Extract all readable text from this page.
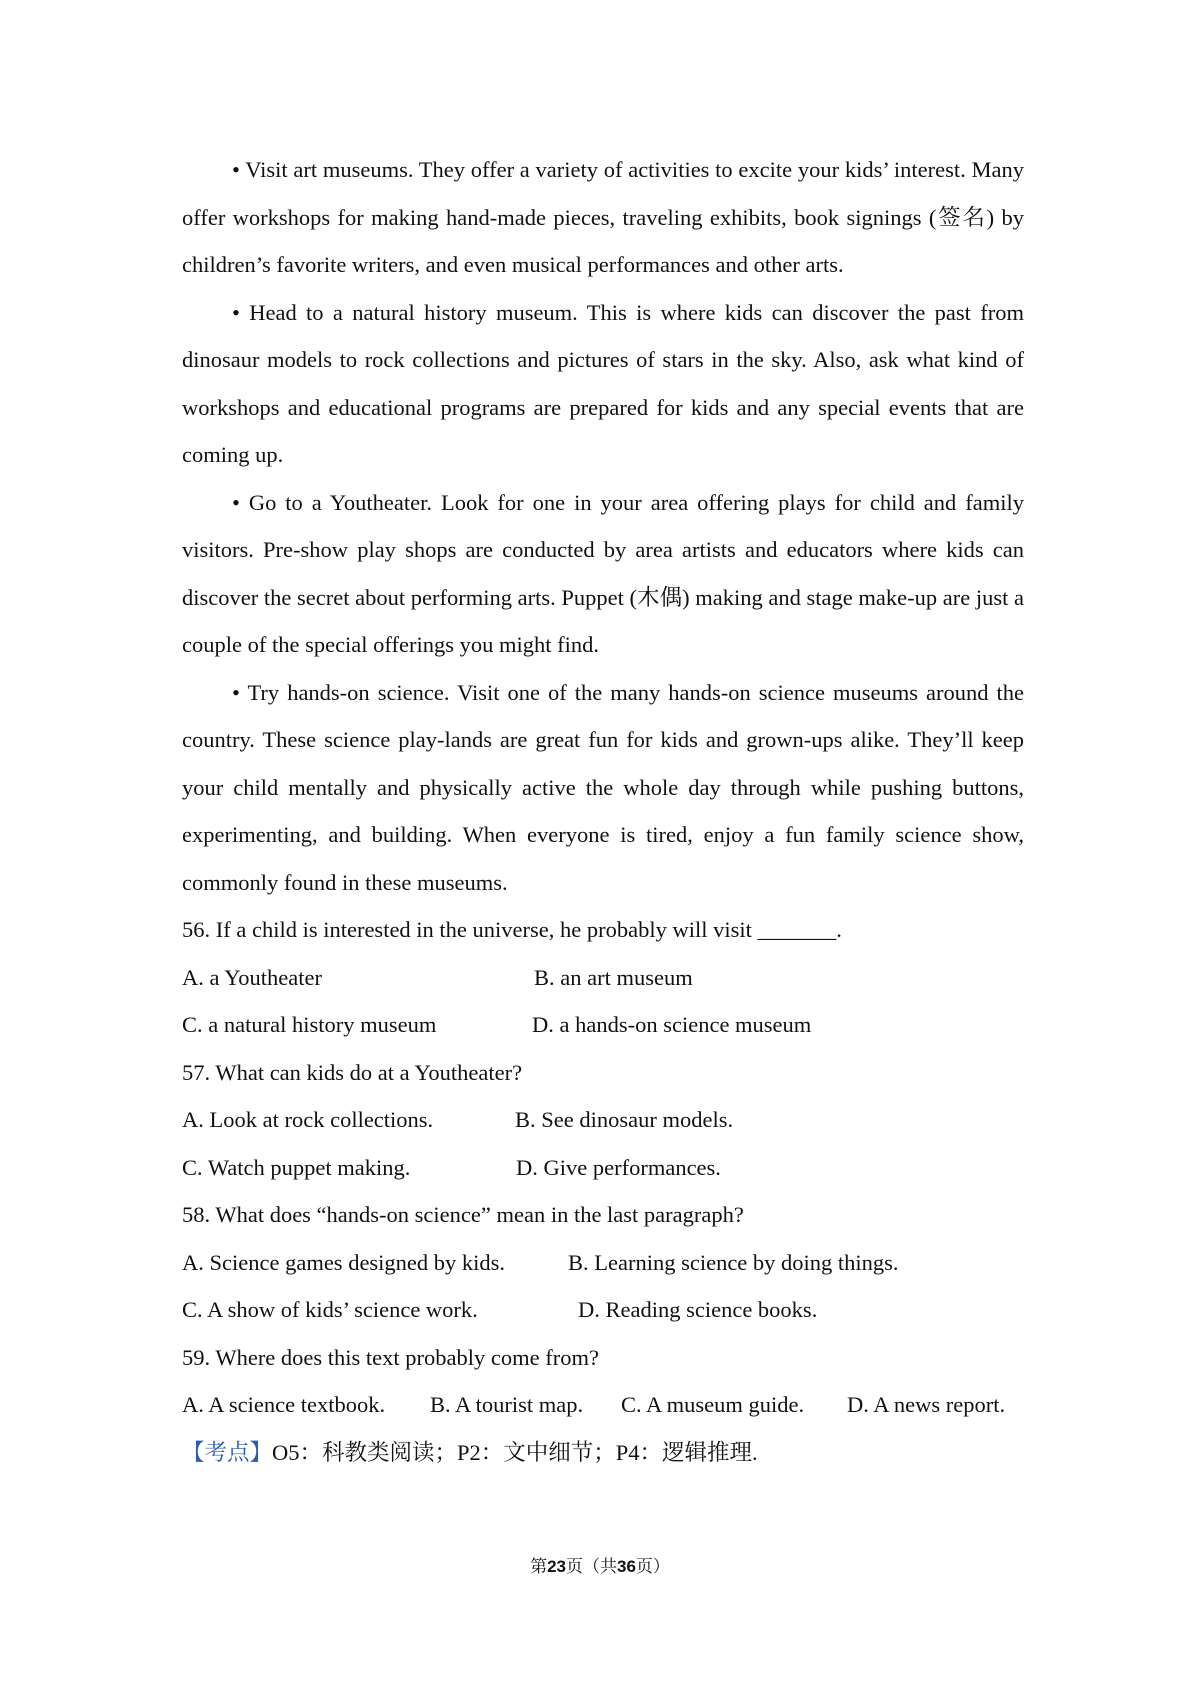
• Visit art museums. They offer a variety of activities to excite your kids’ interest. Many offer workshops for making hand-made pieces, traveling exhibits, book signings (签名) by children’s favorite writers, and even musical performances and other arts.

• Head to a natural history museum. This is where kids can discover the past from dinosaur models to rock collections and pictures of stars in the sky. Also, ask what kind of workshops and educational programs are prepared for kids and any special events that are coming up.

• Go to a Youtheater. Look for one in your area offering plays for child and family visitors. Pre-show play shops are conducted by area artists and educators where kids can discover the secret about performing arts. Puppet (木偶) making and stage make-up are just a couple of the special offerings you might find.

• Try hands-on science. Visit one of the many hands-on science museums around the country. These science play-lands are great fun for kids and grown-ups alike. They’ll keep your child mentally and physically active the whole day through while pushing buttons, experimenting, and building. When everyone is tired, enjoy a fun family science show, commonly found in these museums.

56. If a child is interested in the universe, he probably will visit _______.

A. a Youtheater	B. an art museum
C. a natural history museum	D. a hands-on science museum

57. What can kids do at a Youtheater?

A. Look at rock collections.	B. See dinosaur models.
C. Watch puppet making.	D. Give performances.

58. What does “hands-on science” mean in the last paragraph?

A. Science games designed by kids.	B. Learning science by doing things.
C. A show of kids’ science work.	D. Reading science books.

59. Where does this text probably come from?

A. A science textbook. B. A tourist map. C. A museum guide. D. A news report.

【考点】O5：科教类阅读；P2：文中细节；P4：逻辑推理.

第23页（共36页）
